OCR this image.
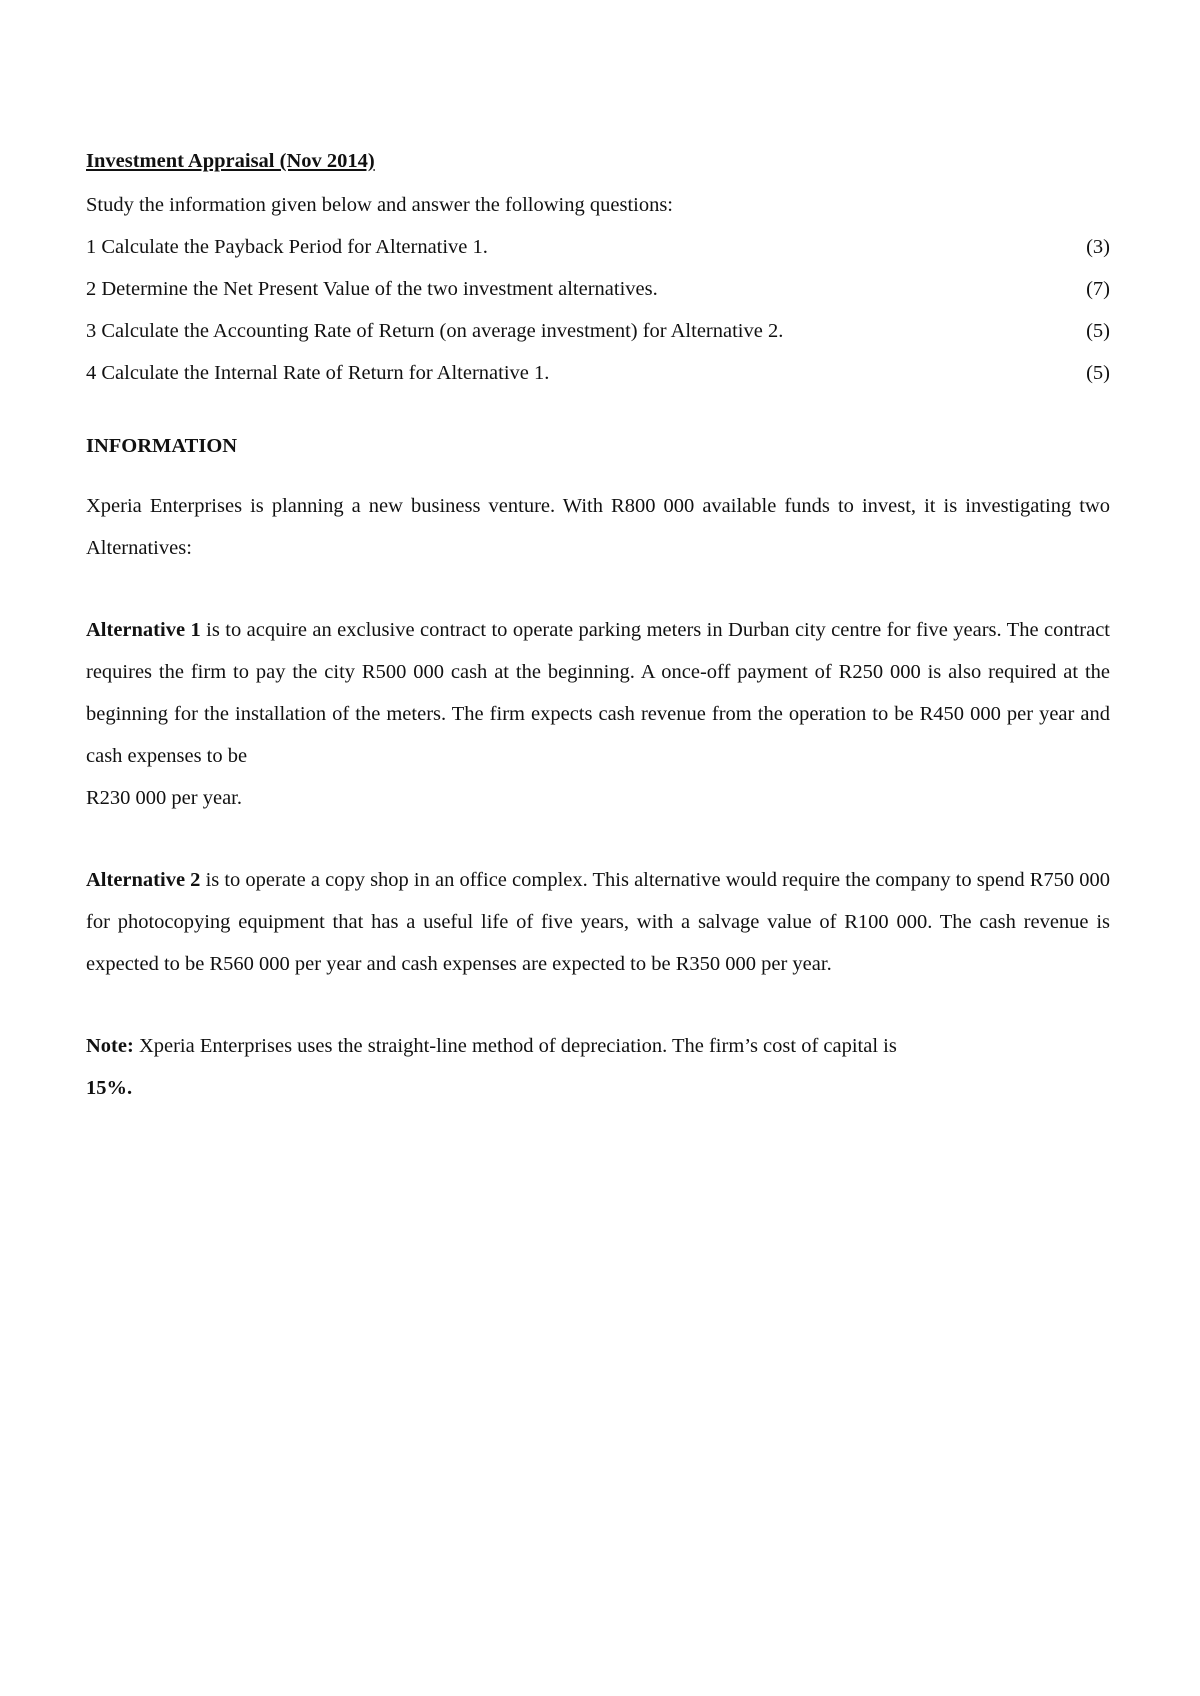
Investment Appraisal (Nov 2014)

Study the information given below and answer the following questions:

1 Calculate the Payback Period for Alternative 1.	(3)
2 Determine the Net Present Value of the two investment alternatives.	(7)
3 Calculate the Accounting Rate of Return (on average investment) for Alternative 2.	(5)
4 Calculate the Internal Rate of Return for Alternative 1.	(5)

INFORMATION

Xperia Enterprises is planning a new business venture. With R800 000 available funds to invest, it is investigating two Alternatives:

Alternative 1 is to acquire an exclusive contract to operate parking meters in Durban city centre for five years. The contract requires the firm to pay the city R500 000 cash at the beginning. A once-off payment of R250 000 is also required at the beginning for the installation of the meters. The firm expects cash revenue from the operation to be R450 000 per year and cash expenses to be

R230 000 per year.

Alternative 2 is to operate a copy shop in an office complex. This alternative would require the company to spend R750 000 for photocopying equipment that has a useful life of five years, with a salvage value of R100 000. The cash revenue is expected to be R560 000 per year and cash expenses are expected to be R350 000 per year.

Note: Xperia Enterprises uses the straight-line method of depreciation. The firm’s cost of capital is

15%.
